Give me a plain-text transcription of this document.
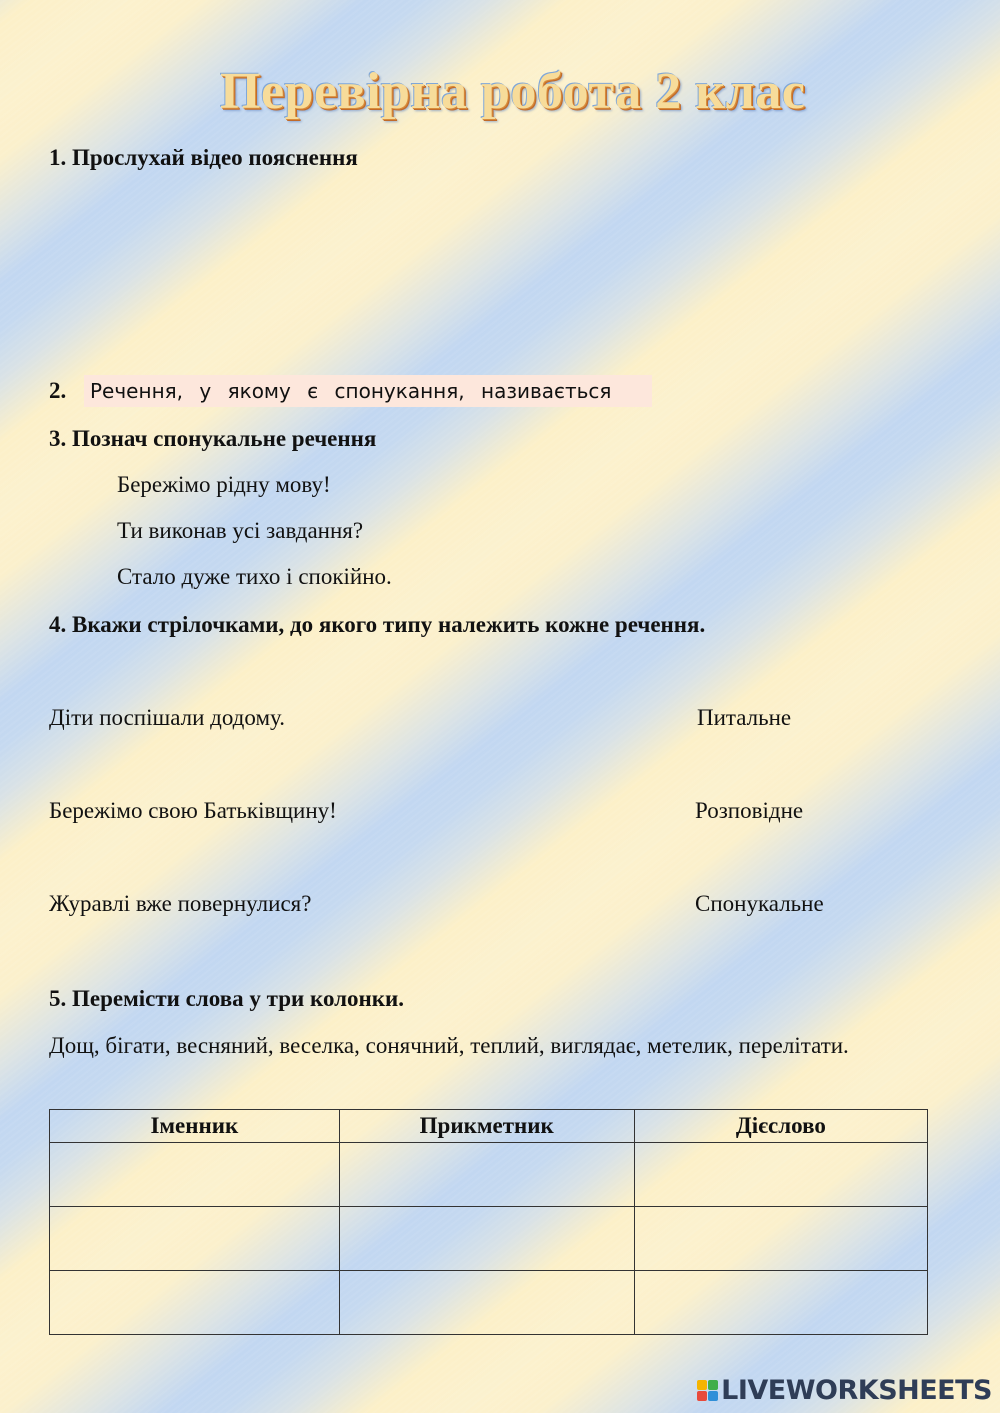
Перевірна робота 2 клас
1. Прослухай відео пояснення
2.	Речення, у якому є спонукання, називається
3. Познач спонукальне речення
Бережімо рідну мову!
Ти виконав усі завдання?
Стало дуже тихо і спокійно.
4. Вкажи стрілочками, до якого типу належить кожне речення.
Діти поспішали додому.
Бережімо свою Батьківщину!
Журавлі вже повернулися?
Питальне
Розповідне
Спонукальне
5. Перемісти слова у три колонки.
Дощ, бігати, весняний, веселка, сонячний, теплий, виглядає, метелик, перелітати.
Іменник	Прикметник	Дієслово

LIVEWORKSHEETS
